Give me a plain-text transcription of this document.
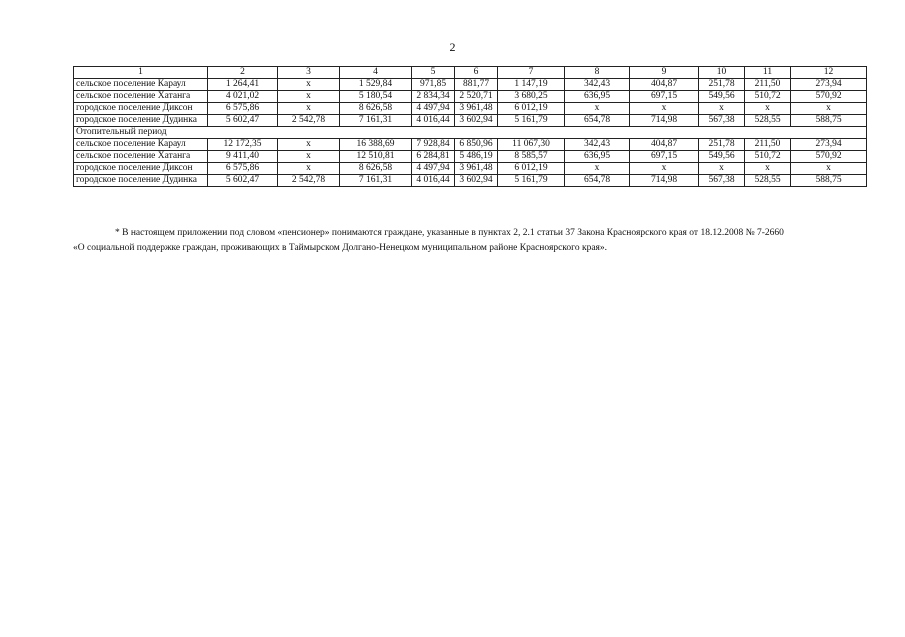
2
1	2	3	4	5	6	7	8	9	10	11	12
сельское поселение Караул	1 264,41	x	1 529,84	971,85	881,77	1 147,19	342,43	404,87	251,78	211,50	273,94
сельское поселение Хатанга	4 021,02	x	5 180,54	2 834,34	2 520,71	3 680,25	636,95	697,15	549,56	510,72	570,92
городское поселение Диксон	6 575,86	x	8 626,58	4 497,94	3 961,48	6 012,19	x	x	x	x	x
городское поселение Дудинка	5 602,47	2 542,78	7 161,31	4 016,44	3 602,94	5 161,79	654,78	714,98	567,38	528,55	588,75
Отопительный период											
сельское поселение Караул	12 172,35	x	16 388,69	7 928,84	6 850,96	11 067,30	342,43	404,87	251,78	211,50	273,94
сельское поселение Хатанга	9 411,40	x	12 510,81	6 284,81	5 486,19	8 585,57	636,95	697,15	549,56	510,72	570,92
городское поселение Диксон	6 575,86	x	8 626,58	4 497,94	3 961,48	6 012,19	x	x	x	x	x
городское поселение Дудинка	5 602,47	2 542,78	7 161,31	4 016,44	3 602,94	5 161,79	654,78	714,98	567,38	528,55	588,75

* В настоящем приложении под словом «пенсионер» понимаются граждане, указанные в пунктах 2, 2.1 статьи 37 Закона Красноярского края от 18.12.2008 № 7-2660

«О социальной поддержке граждан, проживающих в Таймырском Долгано-Ненецком муниципальном районе Красноярского края».
